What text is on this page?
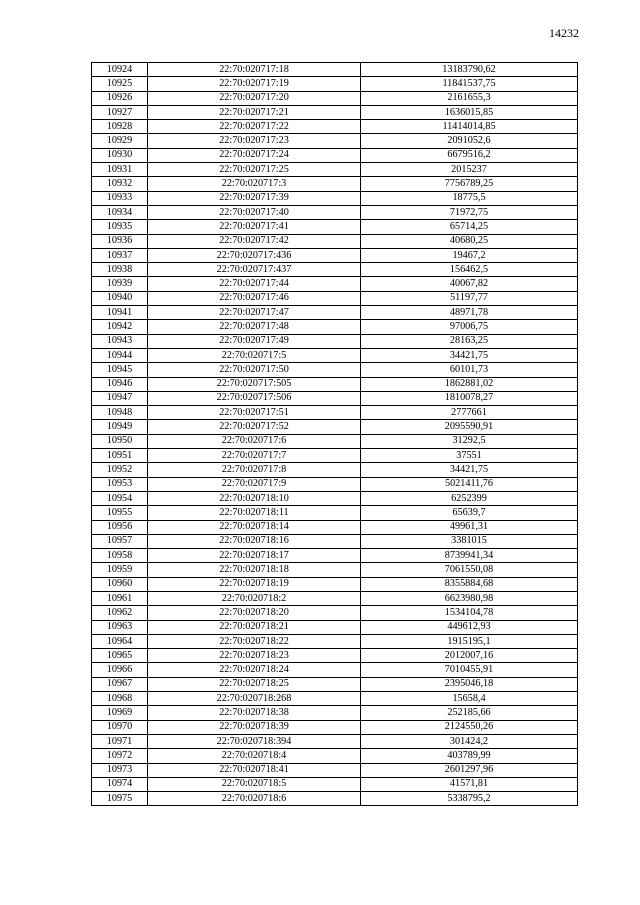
14232
10924	22:70:020717:18	13183790,62
10925	22:70:020717:19	11841537,75
10926	22:70:020717:20	2161655,3
10927	22:70:020717:21	1636015,85
10928	22:70:020717:22	11414014,85
10929	22:70:020717:23	2091052,6
10930	22:70:020717:24	6679516,2
10931	22:70:020717:25	2015237
10932	22:70:020717:3	7756789,25
10933	22:70:020717:39	18775,5
10934	22:70:020717:40	71972,75
10935	22:70:020717:41	65714,25
10936	22:70:020717:42	40680,25
10937	22:70:020717:436	19467,2
10938	22:70:020717:437	156462,5
10939	22:70:020717:44	40067,82
10940	22:70:020717:46	51197,77
10941	22:70:020717:47	48971,78
10942	22:70:020717:48	97006,75
10943	22:70:020717:49	28163,25
10944	22:70:020717:5	34421,75
10945	22:70:020717:50	60101,73
10946	22:70:020717:505	1862881,02
10947	22:70:020717:506	1810078,27
10948	22:70:020717:51	2777661
10949	22:70:020717:52	2095590,91
10950	22:70:020717:6	31292,5
10951	22:70:020717:7	37551
10952	22:70:020717:8	34421,75
10953	22:70:020717:9	5021411,76
10954	22:70:020718:10	6252399
10955	22:70:020718:11	65639,7
10956	22:70:020718:14	49961,31
10957	22:70:020718:16	3381015
10958	22:70:020718:17	8739941,34
10959	22:70:020718:18	7061550,08
10960	22:70:020718:19	8355884,68
10961	22:70:020718:2	6623980,98
10962	22:70:020718:20	1534104,78
10963	22:70:020718:21	449612,93
10964	22:70:020718:22	1915195,1
10965	22:70:020718:23	2012007,16
10966	22:70:020718:24	7010455,91
10967	22:70:020718:25	2395046,18
10968	22:70:020718:268	15658,4
10969	22:70:020718:38	252185,66
10970	22:70:020718:39	2124550,26
10971	22:70:020718:394	301424,2
10972	22:70:020718:4	403789,99
10973	22:70:020718:41	2601297,96
10974	22:70:020718:5	41571,81
10975	22:70:020718:6	5338795,2
